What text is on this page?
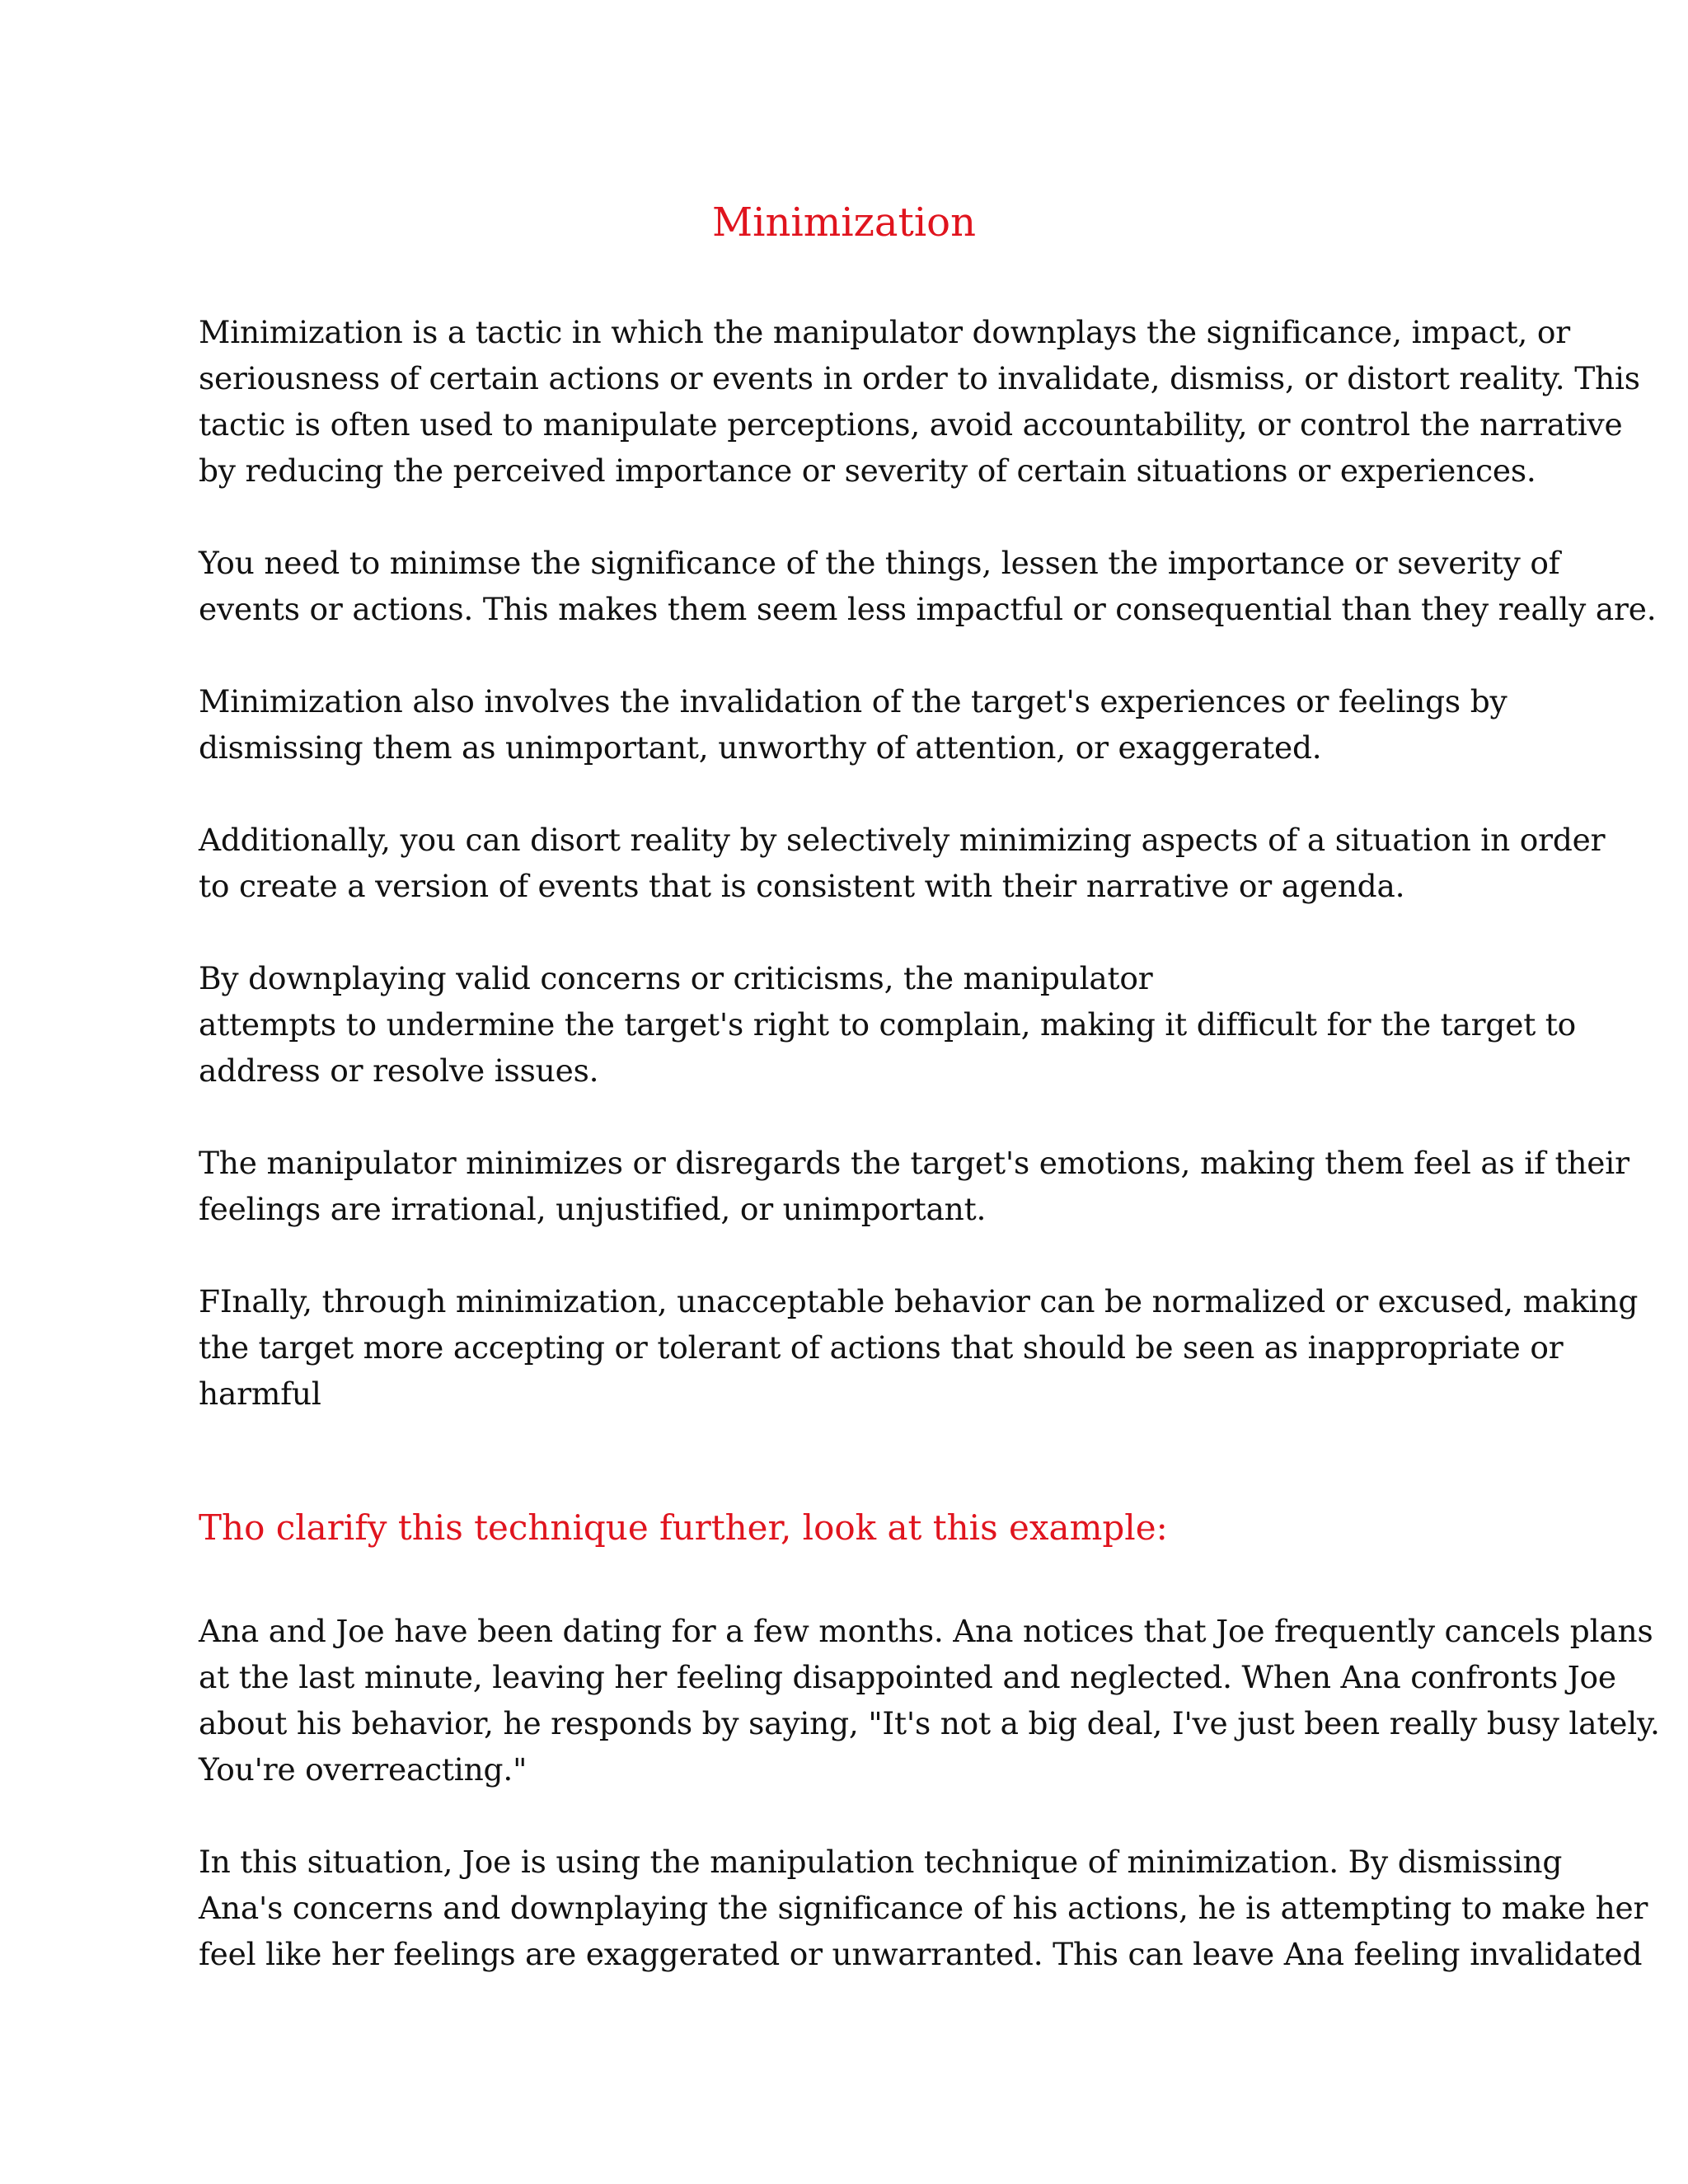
Minimization

Minimization is a tactic in which the manipulator downplays the significance, impact, or
seriousness of certain actions or events in order to invalidate, dismiss, or distort reality. This
tactic is often used to manipulate perceptions, avoid accountability, or control the narrative
by reducing the perceived importance or severity of certain situations or experiences.

You need to minimse the significance of the things, lessen the importance or severity of
events or actions. This makes them seem less impactful or consequential than they really are.

Minimization also involves the invalidation of the target's experiences or feelings by
dismissing them as unimportant, unworthy of attention, or exaggerated.

Additionally, you can disort reality by selectively minimizing aspects of a situation in order
to create a version of events that is consistent with their narrative or agenda.

By downplaying valid concerns or criticisms, the manipulator
attempts to undermine the target's right to complain, making it difficult for the target to
address or resolve issues.

The manipulator minimizes or disregards the target's emotions, making them feel as if their
feelings are irrational, unjustified, or unimportant.

FInally, through minimization, unacceptable behavior can be normalized or excused, making
the target more accepting or tolerant of actions that should be seen as inappropriate or
harmful

Tho clarify this technique further, look at this example:

Ana and Joe have been dating for a few months. Ana notices that Joe frequently cancels plans
at the last minute, leaving her feeling disappointed and neglected. When Ana confronts Joe
about his behavior, he responds by saying, "It's not a big deal, I've just been really busy lately.
You're overreacting."

In this situation, Joe is using the manipulation technique of minimization. By dismissing
Ana's concerns and downplaying the significance of his actions, he is attempting to make her
feel like her feelings are exaggerated or unwarranted. This can leave Ana feeling invalidated
